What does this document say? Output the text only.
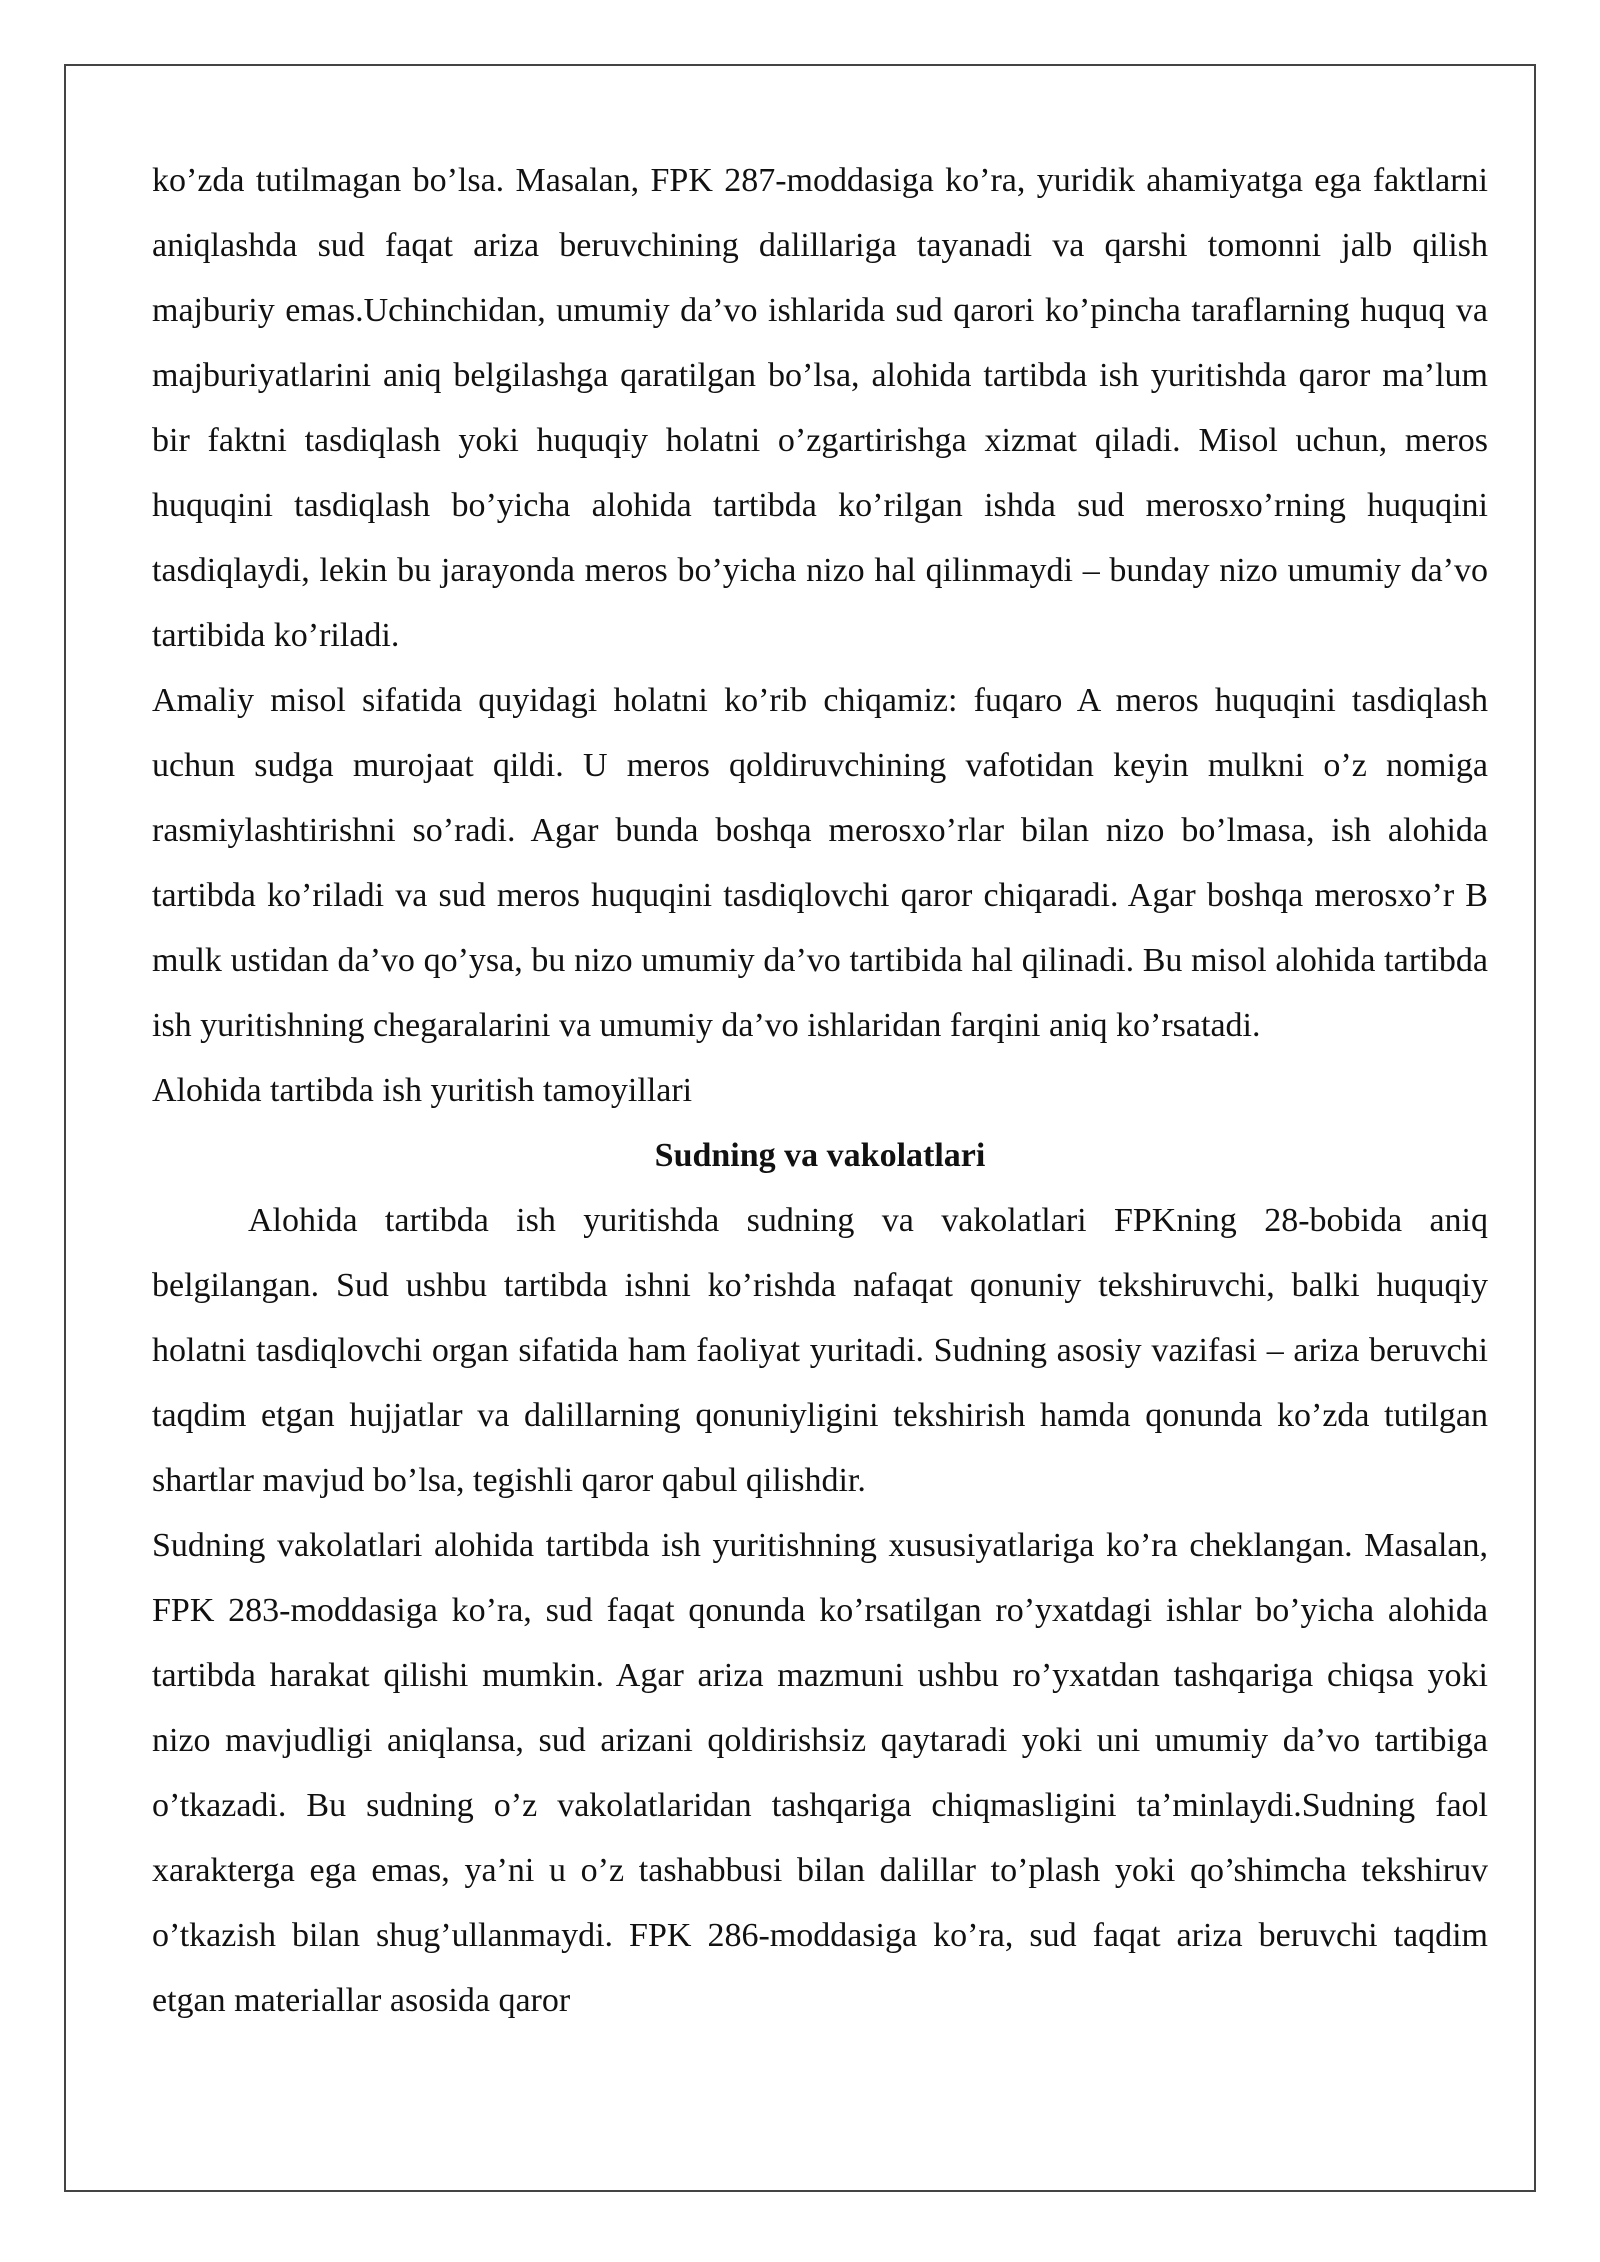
ko’zda tutilmagan bo’lsa. Masalan, FPK 287-moddasiga ko’ra, yuridik ahamiyatga ega faktlarni aniqlashda sud faqat ariza beruvchining dalillariga tayanadi va qarshi tomonni jalb qilish majburiy emas.Uchinchidan, umumiy da’vo ishlarida sud qarori ko’pincha taraflarning huquq va majburiyatlarini aniq belgilashga qaratilgan bo’lsa, alohida tartibda ish yuritishda qaror ma’lum bir faktni tasdiqlash yoki huquqiy holatni o’zgartirishga xizmat qiladi. Misol uchun, meros huquqini tasdiqlash bo’yicha alohida tartibda ko’rilgan ishda sud merosxo’rning huquqini tasdiqlaydi, lekin bu jarayonda meros bo’yicha nizo hal qilinmaydi – bunday nizo umumiy da’vo tartibida ko’riladi.

Amaliy misol sifatida quyidagi holatni ko’rib chiqamiz: fuqaro A meros huquqini tasdiqlash uchun sudga murojaat qildi. U meros qoldiruvchining vafotidan keyin mulkni o’z nomiga rasmiylashtirishni so’radi. Agar bunda boshqa merosxo’rlar bilan nizo bo’lmasa, ish alohida tartibda ko’riladi va sud meros huquqini tasdiqlovchi qaror chiqaradi. Agar boshqa merosxo’r B mulk ustidan da’vo qo’ysa, bu nizo umumiy da’vo tartibida hal qilinadi. Bu misol alohida tartibda ish yuritishning chegaralarini va umumiy da’vo ishlaridan farqini aniq ko’rsatadi.

Alohida tartibda ish yuritish tamoyillari

Sudning va vakolatlari

Alohida tartibda ish yuritishda sudning va vakolatlari FPKning 28-bobida aniq belgilangan. Sud ushbu tartibda ishni ko’rishda nafaqat qonuniy tekshiruvchi, balki huquqiy holatni tasdiqlovchi organ sifatida ham faoliyat yuritadi. Sudning asosiy vazifasi – ariza beruvchi taqdim etgan hujjatlar va dalillarning qonuniyligini tekshirish hamda qonunda ko’zda tutilgan shartlar mavjud bo’lsa, tegishli qaror qabul qilishdir.

Sudning vakolatlari alohida tartibda ish yuritishning xususiyatlariga ko’ra cheklangan. Masalan, FPK 283-moddasiga ko’ra, sud faqat qonunda ko’rsatilgan ro’yxatdagi ishlar bo’yicha alohida tartibda harakat qilishi mumkin. Agar ariza mazmuni ushbu ro’yxatdan tashqariga chiqsa yoki nizo mavjudligi aniqlansa, sud arizani qoldirishsiz qaytaradi yoki uni umumiy da’vo tartibiga o’tkazadi. Bu sudning o’z vakolatlaridan tashqariga chiqmasligini ta’minlaydi.Sudning faol xarakterga ega emas, ya’ni u o’z tashabbusi bilan dalillar to’plash yoki qo’shimcha tekshiruv o’tkazish bilan shug’ullanmaydi. FPK 286-moddasiga ko’ra, sud faqat ariza beruvchi taqdim etgan materiallar asosida qaror
